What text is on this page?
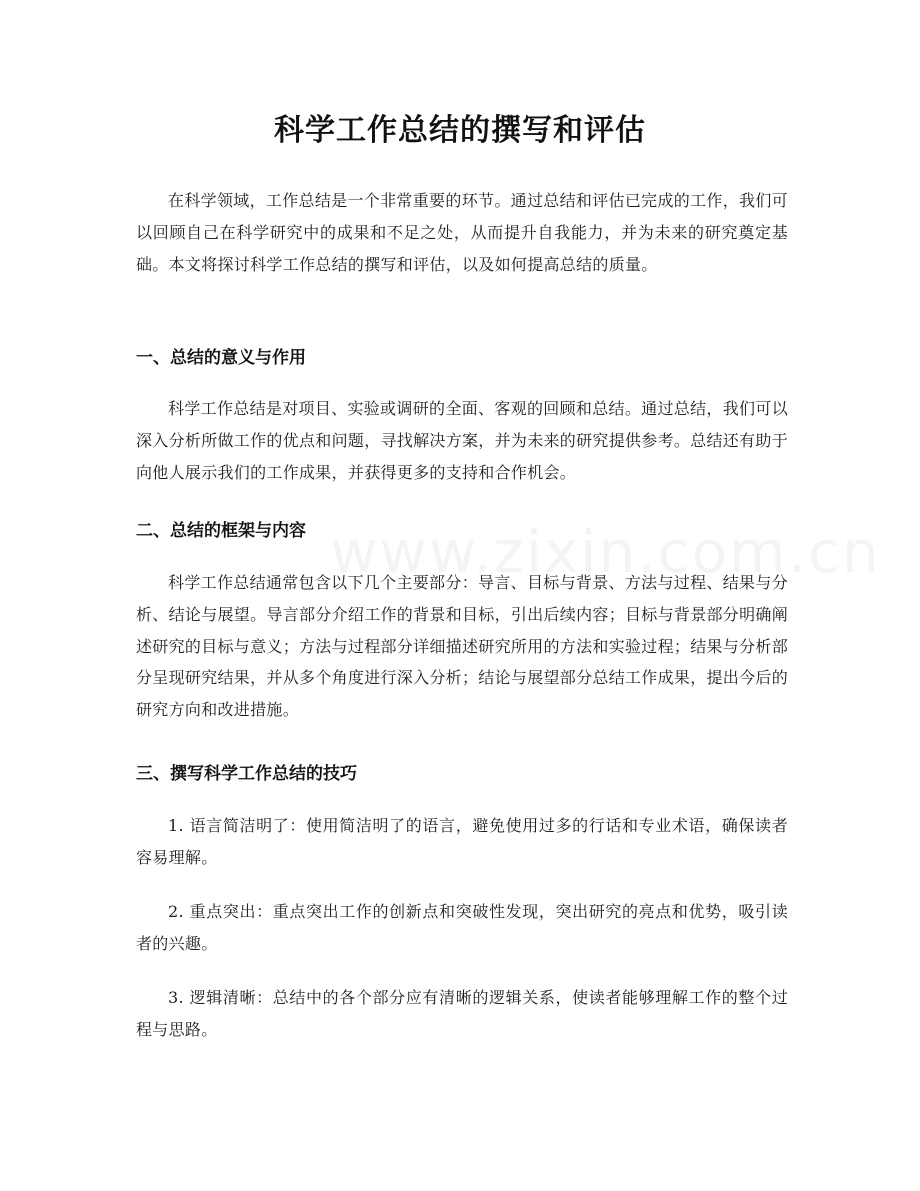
科学工作总结的撰写和评估

在科学领域，工作总结是一个非常重要的环节。通过总结和评估已完成的工作，我们可以回顾自己在科学研究中的成果和不足之处，从而提升自我能力，并为未来的研究奠定基础。本文将探讨科学工作总结的撰写和评估，以及如何提高总结的质量。

一、总结的意义与作用

科学工作总结是对项目、实验或调研的全面、客观的回顾和总结。通过总结，我们可以深入分析所做工作的优点和问题，寻找解决方案，并为未来的研究提供参考。总结还有助于向他人展示我们的工作成果，并获得更多的支持和合作机会。

二、总结的框架与内容

科学工作总结通常包含以下几个主要部分：导言、目标与背景、方法与过程、结果与分析、结论与展望。导言部分介绍工作的背景和目标，引出后续内容；目标与背景部分明确阐述研究的目标与意义；方法与过程部分详细描述研究所用的方法和实验过程；结果与分析部分呈现研究结果，并从多个角度进行深入分析；结论与展望部分总结工作成果，提出今后的研究方向和改进措施。

三、撰写科学工作总结的技巧

1. 语言简洁明了：使用简洁明了的语言，避免使用过多的行话和专业术语，确保读者容易理解。

2. 重点突出：重点突出工作的创新点和突破性发现，突出研究的亮点和优势，吸引读者的兴趣。

3. 逻辑清晰：总结中的各个部分应有清晰的逻辑关系，使读者能够理解工作的整个过程与思路。
